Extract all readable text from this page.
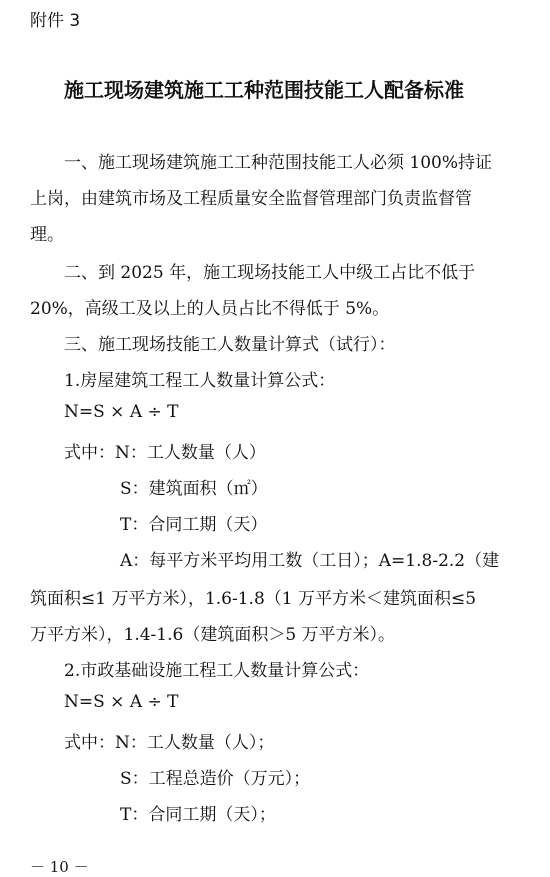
附件 3
施工现场建筑施工工种范围技能工人配备标准
一、施工现场建筑施工工种范围技能工人必须 100%持证
上岗，由建筑市场及工程质量安全监督管理部门负责监督管
理。
二、到 2025 年，施工现场技能工人中级工占比不低于
20%，高级工及以上的人员占比不得低于 5%。
三、施工现场技能工人数量计算式（试行）：
1.房屋建筑工程工人数量计算公式：
N=S × A ÷ T
式中：N：工人数量（人）
S：建筑面积（㎡）
T：合同工期（天）
A：每平方米平均用工数（工日）；A=1.8-2.2（建
筑面积≤1 万平方米），1.6-1.8（1 万平方米＜建筑面积≤5
万平方米），1.4-1.6（建筑面积＞5 万平方米）。
2.市政基础设施工程工人数量计算公式：
N=S × A ÷ T
式中：N：工人数量（人）；
S：工程总造价（万元）；
T：合同工期（天）；
－ 10 －
